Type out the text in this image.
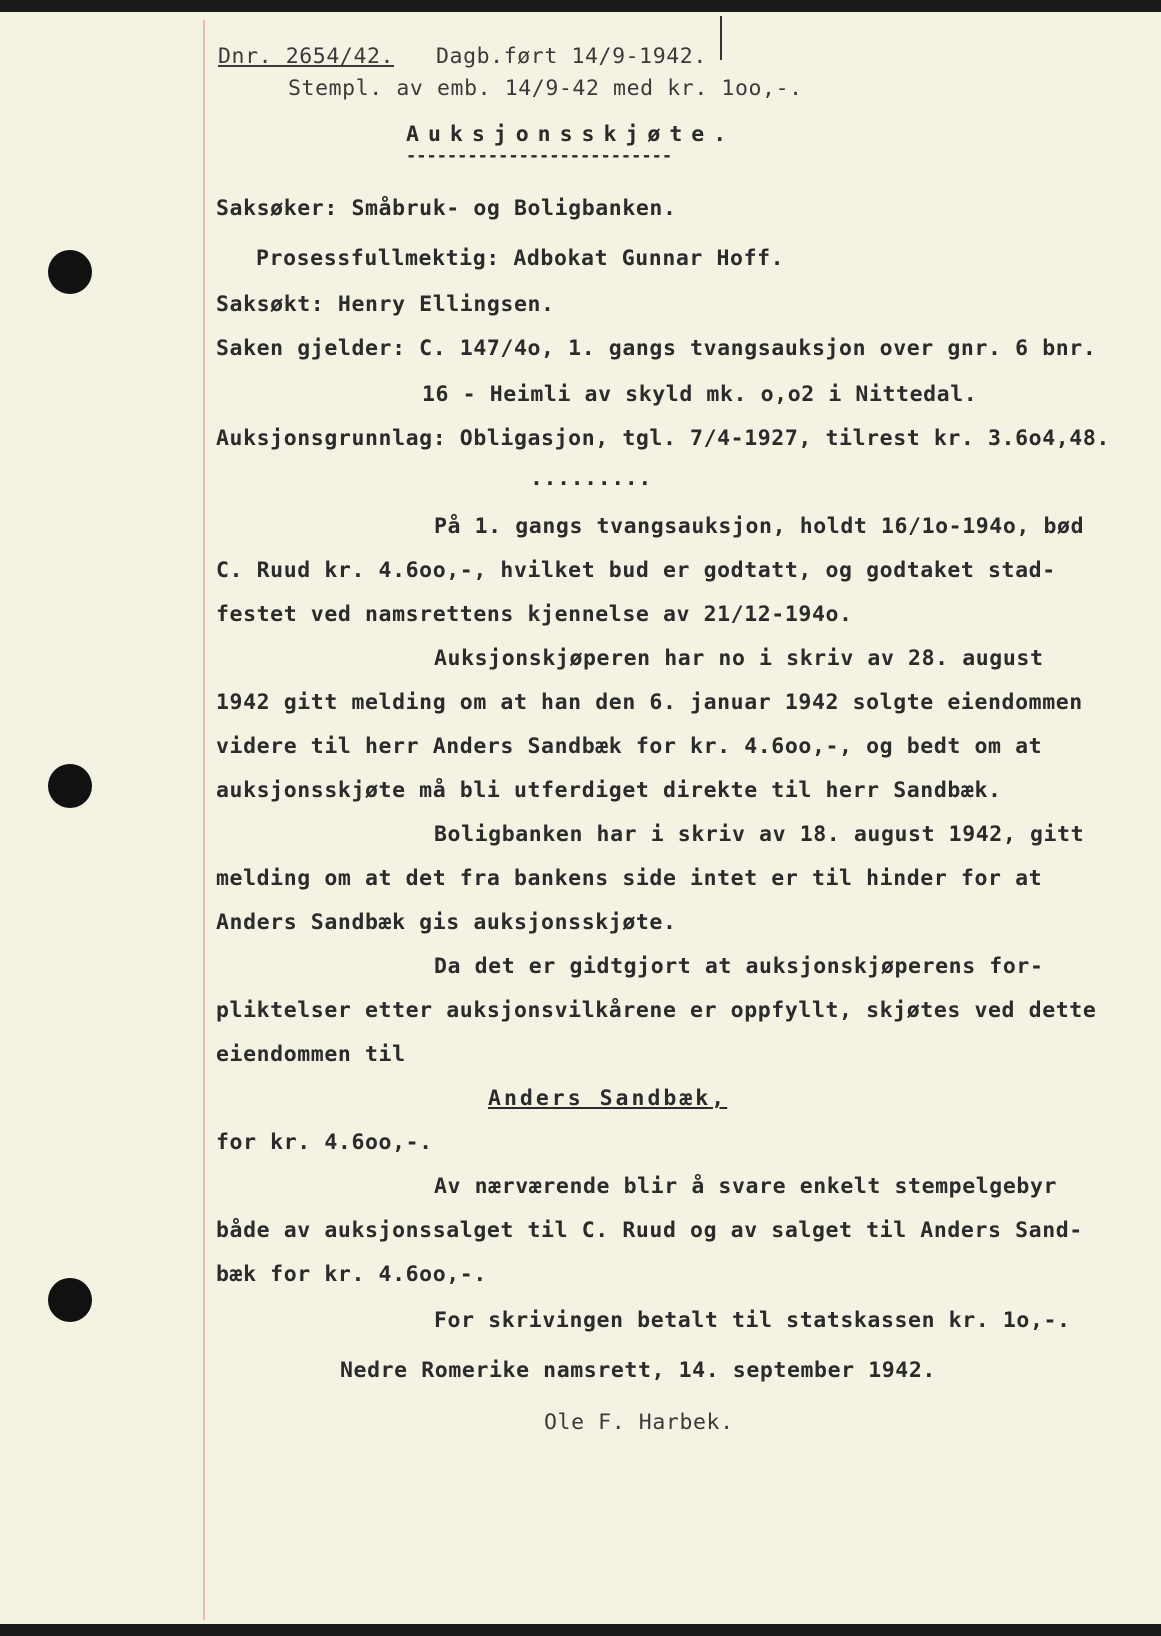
Dnr. 2654/42. Dagb.ført 14/9-1942.
Stempl. av emb. 14/9-42 med kr. 1oo,-.
Auksjonsskjøte.
--------------------------
Saksøker: Småbruk- og Boligbanken.
Prosessfullmektig: Adbokat Gunnar Hoff.
Saksøkt: Henry Ellingsen.
Saken gjelder: C. 147/4o, 1. gangs tvangsauksjon over gnr. 6 bnr.
16 - Heimli av skyld mk. o,o2 i Nittedal.
Auksjonsgrunnlag: Obligasjon, tgl. 7/4-1927, tilrest kr. 3.6o4,48.
.........
På 1. gangs tvangsauksjon, holdt 16/1o-194o, bød
C. Ruud kr. 4.6oo,-, hvilket bud er godtatt, og godtaket stad-
festet ved namsrettens kjennelse av 21/12-194o.
Auksjonskjøperen har no i skriv av 28. august
1942 gitt melding om at han den 6. januar 1942 solgte eiendommen
videre til herr Anders Sandbæk for kr. 4.6oo,-, og bedt om at
auksjonsskjøte må bli utferdiget direkte til herr Sandbæk.
Boligbanken har i skriv av 18. august 1942, gitt
melding om at det fra bankens side intet er til hinder for at
Anders Sandbæk gis auksjonsskjøte.
Da det er gidtgjort at auksjonskjøperens for-
pliktelser etter auksjonsvilkårene er oppfyllt, skjøtes ved dette
eiendommen til
Anders Sandbæk,
for kr. 4.6oo,-.
Av nærværende blir å svare enkelt stempelgebyr
både av auksjonssalget til C. Ruud og av salget til Anders Sand-
bæk for kr. 4.6oo,-.
For skrivingen betalt til statskassen kr. 1o,-.
Nedre Romerike namsrett, 14. september 1942.
Ole F. Harbek.
